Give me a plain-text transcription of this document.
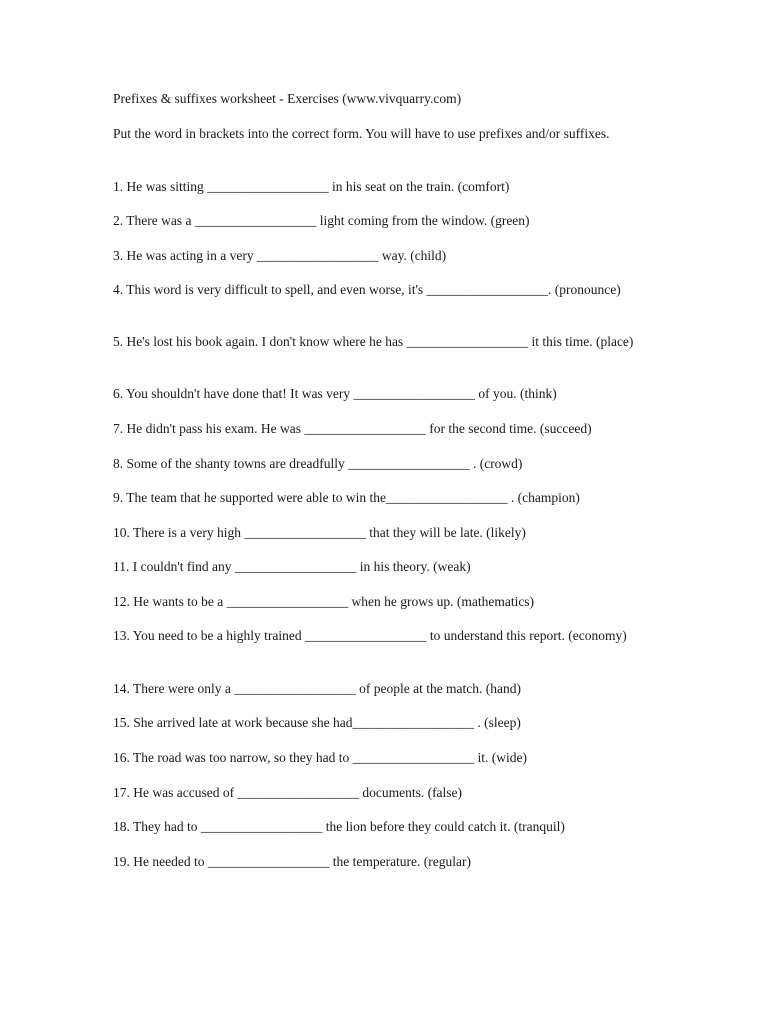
Prefixes & suffixes worksheet - Exercises (www.vivquarry.com)
Put the word in brackets into the correct form. You will have to use prefixes and/or suffixes.
1. He was sitting __________________ in his seat on the train. (comfort)
2. There was a __________________ light coming from the window. (green)
3. He was acting in a very __________________ way. (child)
4. This word is very difficult to spell, and even worse, it's __________________. (pronounce)
5. He's lost his book again. I don't know where he has __________________ it this time. (place)
6. You shouldn't have done that! It was very __________________ of you. (think)
7. He didn't pass his exam. He was __________________ for the second time. (succeed)
8. Some of the shanty towns are dreadfully __________________ . (crowd)
9. The team that he supported were able to win the__________________ . (champion)
10. There is a very high __________________ that they will be late. (likely)
11. I couldn't find any __________________ in his theory. (weak)
12. He wants to be a __________________ when he grows up. (mathematics)
13. You need to be a highly trained __________________ to understand this report. (economy)
14. There were only a __________________ of people at the match. (hand)
15. She arrived late at work because she had__________________ . (sleep)
16. The road was too narrow, so they had to __________________ it. (wide)
17. He was accused of __________________ documents. (false)
18. They had to __________________ the lion before they could catch it. (tranquil)
19. He needed to __________________ the temperature. (regular)
